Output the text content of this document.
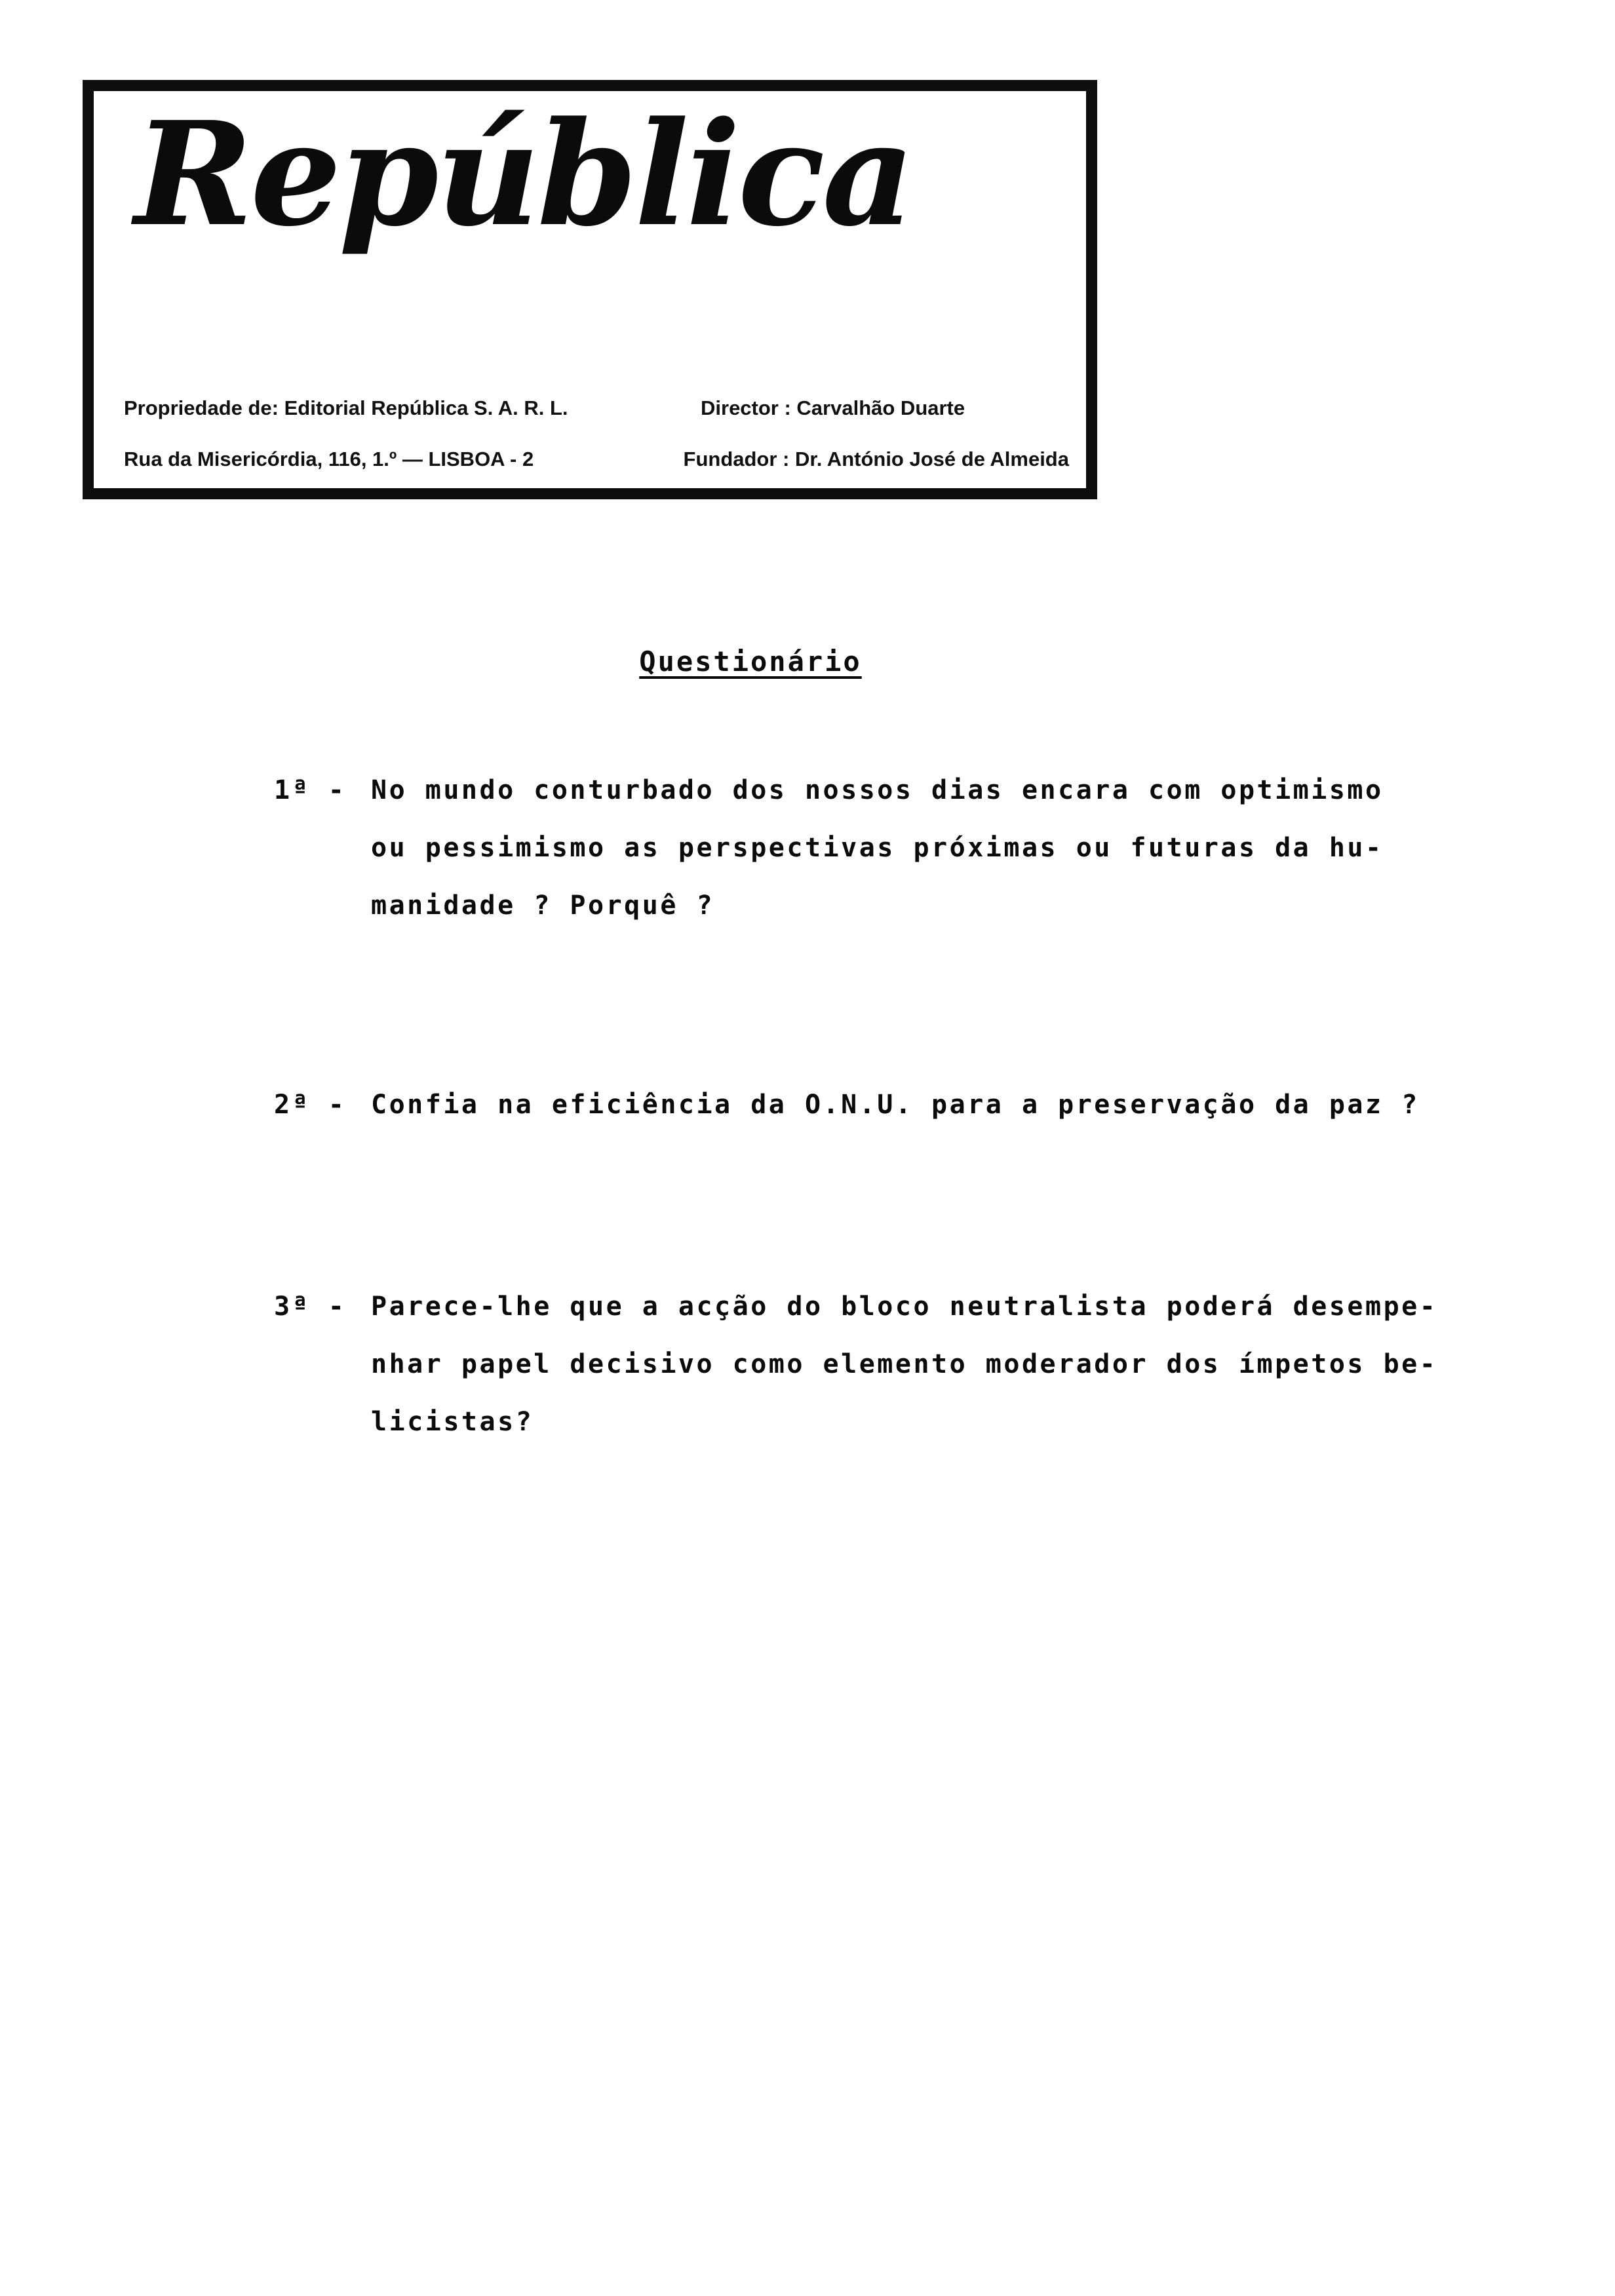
República
Propriedade de: Editorial República S. A. R. L.	Director : Carvalhão Duarte
Rua da Misericórdia, 116, 1.º — LISBOA - 2	Fundador : Dr. António José de Almeida
Questionário
1ª - No mundo conturbado dos nossos dias encara com optimismo
ou pessimismo as perspectivas próximas ou futuras da hu-
manidade ? Porquê ?
2ª - Confia na eficiência da O.N.U. para a preservação da paz ?
3ª - Parece-lhe que a acção do bloco neutralista poderá desempe-
nhar papel decisivo como elemento moderador dos ímpetos be-
licistas?
